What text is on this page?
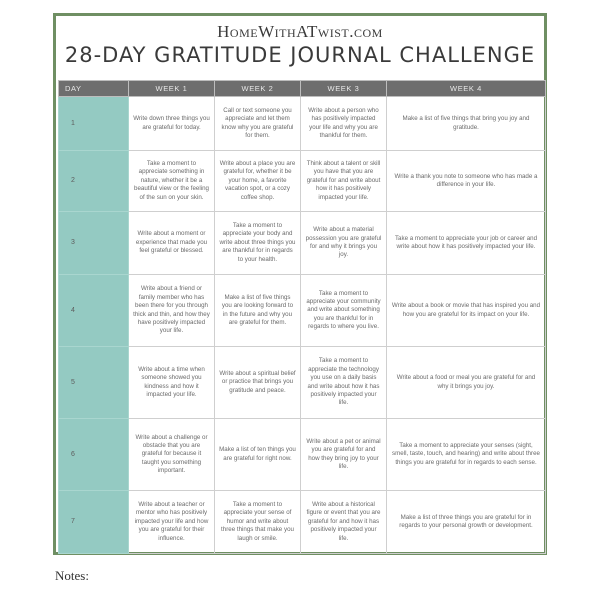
HomeWithATwist.com
28-DAY GRATITUDE JOURNAL CHALLENGE
DAY	WEEK 1	WEEK 2	WEEK 3	WEEK 4
1	Write down three things you are grateful for today.	Call or text someone you appreciate and let them know why you are grateful for them.	Write about a person who has positively impacted your life and why you are thankful for them.	Make a list of five things that bring you joy and gratitude.
2	Take a moment to appreciate something in nature, whether it be a beautiful view or the feeling of the sun on your skin.	Write about a place you are grateful for, whether it be your home, a favorite vacation spot, or a cozy coffee shop.	Think about a talent or skill you have that you are grateful for and write about how it has positively impacted your life.	Write a thank you note to someone who has made a difference in your life.
3	Write about a moment or experience that made you feel grateful or blessed.	Take a moment to appreciate your body and write about three things you are thankful for in regards to your health.	Write about a material possession you are grateful for and why it brings you joy.	Take a moment to appreciate your job or career and write about how it has positively impacted your life.
4	Write about a friend or family member who has been there for you through thick and thin, and how they have positively impacted your life.	Make a list of five things you are looking forward to in the future and why you are grateful for them.	Take a moment to appreciate your community and write about something you are thankful for in regards to where you live.	Write about a book or movie that has inspired you and how you are grateful for its impact on your life.
5	Write about a time when someone showed you kindness and how it impacted your life.	Write about a spiritual belief or practice that brings you gratitude and peace.	Take a moment to appreciate the technology you use on a daily basis and write about how it has positively impacted your life.	Write about a food or meal you are grateful for and why it brings you joy.
6	Write about a challenge or obstacle that you are grateful for because it taught you something important.	Make a list of ten things you are grateful for right now.	Write about a pet or animal you are grateful for and how they bring joy to your life.	Take a moment to appreciate your senses (sight, smell, taste, touch, and hearing) and write about three things you are grateful for in regards to each sense.
7	Write about a teacher or mentor who has positively impacted your life and how you are grateful for their influence.	Take a moment to appreciate your sense of humor and write about three things that make you laugh or smile.	Write about a historical figure or event that you are grateful for and how it has positively impacted your life.	Make a list of three things you are grateful for in regards to your personal growth or development.
Notes:
